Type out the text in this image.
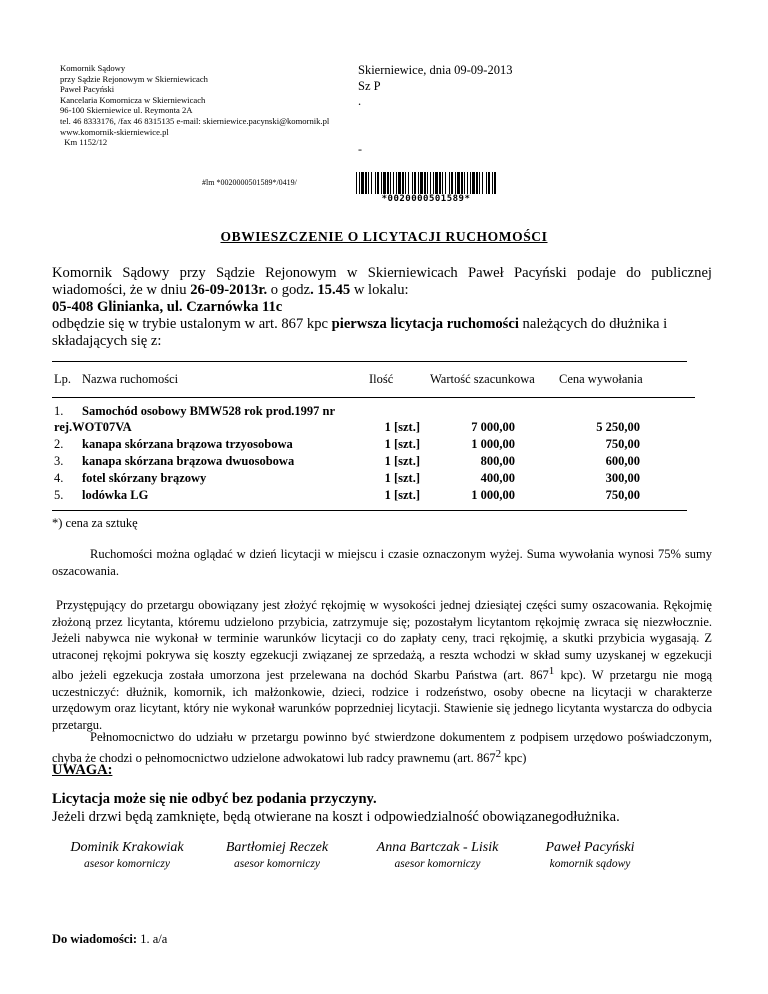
Komornik Sądowy
przy Sądzie Rejonowym w Skierniewicach
Paweł Pacyński
Kancelaria Komornicza w Skierniewicach
96-100 Skierniewice ul. Reymonta 2A
tel. 46 8333176, /fax 46 8315135 e-mail: skierniewice.pacynski@komornik.pl
www.komornik-skierniewice.pl
Km 1152/12
Skierniewice, dnia 09-09-2013
Sz P
.
-
#lm *0020000501589*/0419/
*0020000501589*
OBWIESZCZENIE O LICYTACJI RUCHOMOŚCI
Komornik Sądowy przy Sądzie Rejonowym w Skierniewicach Paweł Pacyński podaje do publicznej
wiadomości, że w dniu 26-09-2013r. o godz. 15.45 w lokalu:
05-408 Glinianka, ul. Czarnówka 11c
odbędzie się w trybie ustalonym w art. 867 kpc pierwsza licytacja ruchomości należących do dłużnika i
składających się z:
Lp. Nazwa ruchomości	Ilość	Wartość szacunkowa Cena wywołania
1. Samochód osobowy BMW528 rok prod.1997 nr
rej.WOT07VA	1 [szt.]	7 000,00	5 250,00
2. kanapa skórzana brązowa trzyosobowa	1 [szt.]	1 000,00	750,00
3. kanapa skórzana brązowa dwuosobowa	1 [szt.]	800,00	600,00
4. fotel skórzany brązowy	1 [szt.]	400,00	300,00
5. lodówka LG	1 [szt.]	1 000,00	750,00
*) cena za sztukę
Ruchomości można oglądać w dzień licytacji w miejscu i czasie oznaczonym wyżej. Suma wywołania wynosi 75% sumy oszacowania.
Przystępujący do przetargu obowiązany jest złożyć rękojmię w wysokości jednej dziesiątej części sumy oszacowania. Rękojmię złożoną przez licytanta, któremu udzielono przybicia, zatrzymuje się; pozostałym licytantom rękojmię zwraca się niezwłocznie. Jeżeli nabywca nie wykonał w terminie warunków licytacji co do zapłaty ceny, traci rękojmię, a skutki przybicia wygasają. Z utraconej rękojmi pokrywa się koszty egzekucji związanej ze sprzedażą, a reszta wchodzi w skład sumy uzyskanej w egzekucji albo jeżeli egzekucja została umorzona jest przelewana na dochód Skarbu Państwa (art. $867^1$ kpc). W przetargu nie mogą uczestniczyć: dłużnik, komornik, ich małżonkowie, dzieci, rodzice i rodzeństwo, osoby obecne na licytacji w charakterze urzędowym oraz licytant, który nie wykonał warunków poprzedniej licytacji. Stawienie się jednego licytanta wystarcza do odbycia przetargu.
Pełnomocnictwo do udziału w przetargu powinno być stwierdzone dokumentem z podpisem urzędowo poświadczonym, chyba że chodzi o pełnomocnictwo udzielone adwokatowi lub radcy prawnemu (art. $867^2$ kpc)
UWAGA:
Licytacja może się nie odbyć bez podania przyczyny.
Jeżeli drzwi będą zamknięte, będą otwierane na koszt i odpowiedzialność obowiązanegodłużnika.
Dominik Krakowiak
asesor komorniczy
Bartłomiej Reczek
asesor komorniczy
Anna Bartczak - Lisik
asesor komorniczy
Paweł Pacyński
komornik sądowy
Do wiadomości: 1. a/a
